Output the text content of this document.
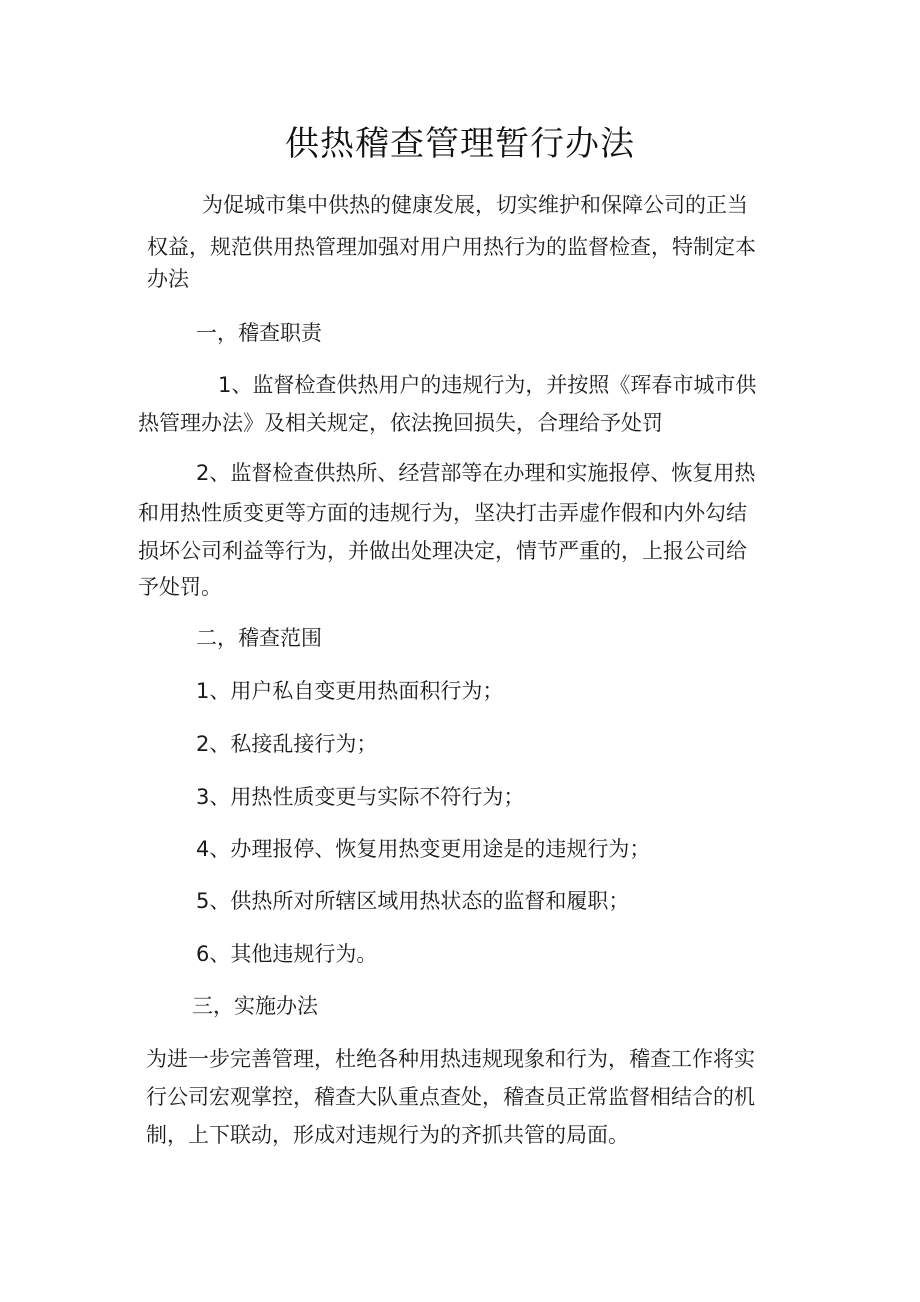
供热稽查管理暂行办法
为促城市集中供热的健康发展，切实维护和保障公司的正当
权益，规范供用热管理加强对用户用热行为的监督检查，特制定本
办法
一，稽查职责
1、监督检查供热用户的违规行为，并按照《珲春市城市供
热管理办法》及相关规定，依法挽回损失，合理给予处罚
2、监督检查供热所、经营部等在办理和实施报停、恢复用热
和用热性质变更等方面的违规行为，坚决打击弄虚作假和内外勾结
损坏公司利益等行为，并做出处理决定，情节严重的，上报公司给
予处罚。
二，稽查范围
1、用户私自变更用热面积行为；
2、私接乱接行为；
3、用热性质变更与实际不符行为；
4、办理报停、恢复用热变更用途是的违规行为；
5、供热所对所辖区域用热状态的监督和履职；
6、其他违规行为。
三，实施办法
为进一步完善管理，杜绝各种用热违规现象和行为，稽查工作将实
行公司宏观掌控，稽查大队重点查处，稽查员正常监督相结合的机
制，上下联动，形成对违规行为的齐抓共管的局面。
